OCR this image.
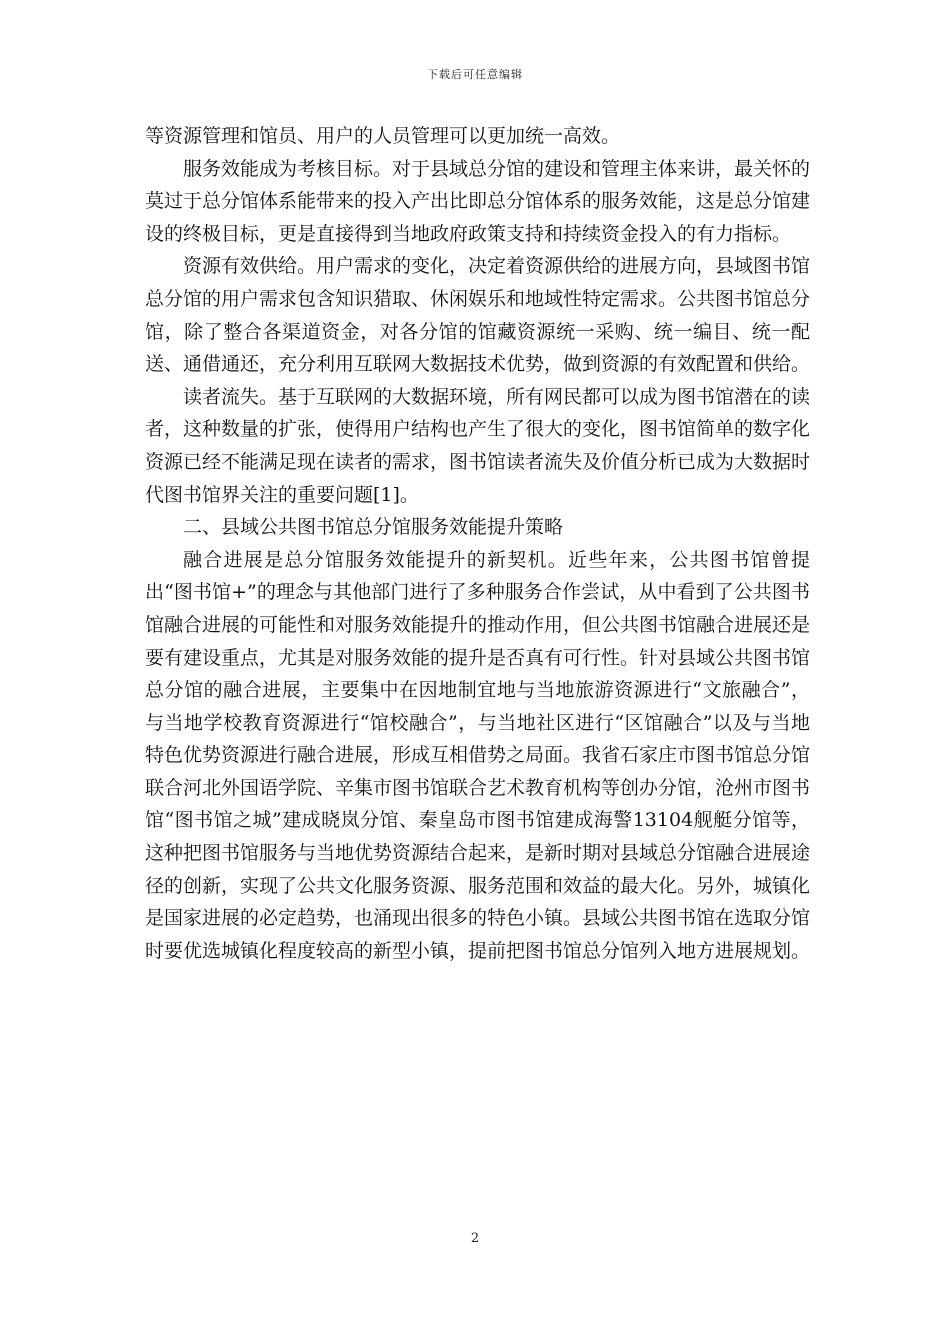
下载后可任意编辑

等资源管理和馆员、用户的人员管理可以更加统一高效。

服务效能成为考核目标。对于县域总分馆的建设和管理主体来讲，最关怀的莫过于总分馆体系能带来的投入产出比即总分馆体系的服务效能，这是总分馆建设的终极目标，更是直接得到当地政府政策支持和持续资金投入的有力指标。

资源有效供给。用户需求的变化，决定着资源供给的进展方向，县域图书馆总分馆的用户需求包含知识猎取、休闲娱乐和地域性特定需求。公共图书馆总分馆，除了整合各渠道资金，对各分馆的馆藏资源统一采购、统一编目、统一配送、通借通还，充分利用互联网大数据技术优势，做到资源的有效配置和供给。

读者流失。基于互联网的大数据环境，所有网民都可以成为图书馆潜在的读者，这种数量的扩张，使得用户结构也产生了很大的变化，图书馆简单的数字化资源已经不能满足现在读者的需求，图书馆读者流失及价值分析已成为大数据时代图书馆界关注的重要问题[1]。

二、县域公共图书馆总分馆服务效能提升策略

融合进展是总分馆服务效能提升的新契机。近些年来，公共图书馆曾提出“图书馆+”的理念与其他部门进行了多种服务合作尝试，从中看到了公共图书馆融合进展的可能性和对服务效能提升的推动作用，但公共图书馆融合进展还是要有建设重点，尤其是对服务效能的提升是否真有可行性。针对县域公共图书馆总分馆的融合进展，主要集中在因地制宜地与当地旅游资源进行“文旅融合”，与当地学校教育资源进行“馆校融合”，与当地社区进行“区馆融合”以及与当地特色优势资源进行融合进展，形成互相借势之局面。我省石家庄市图书馆总分馆联合河北外国语学院、辛集市图书馆联合艺术教育机构等创办分馆，沧州市图书馆“图书馆之城”建成晓岚分馆、秦皇岛市图书馆建成海警13104舰艇分馆等，这种把图书馆服务与当地优势资源结合起来，是新时期对县域总分馆融合进展途径的创新，实现了公共文化服务资源、服务范围和效益的最大化。另外，城镇化是国家进展的必定趋势，也涌现出很多的特色小镇。县域公共图书馆在选取分馆时要优选城镇化程度较高的新型小镇，提前把图书馆总分馆列入地方进展规划。

2
